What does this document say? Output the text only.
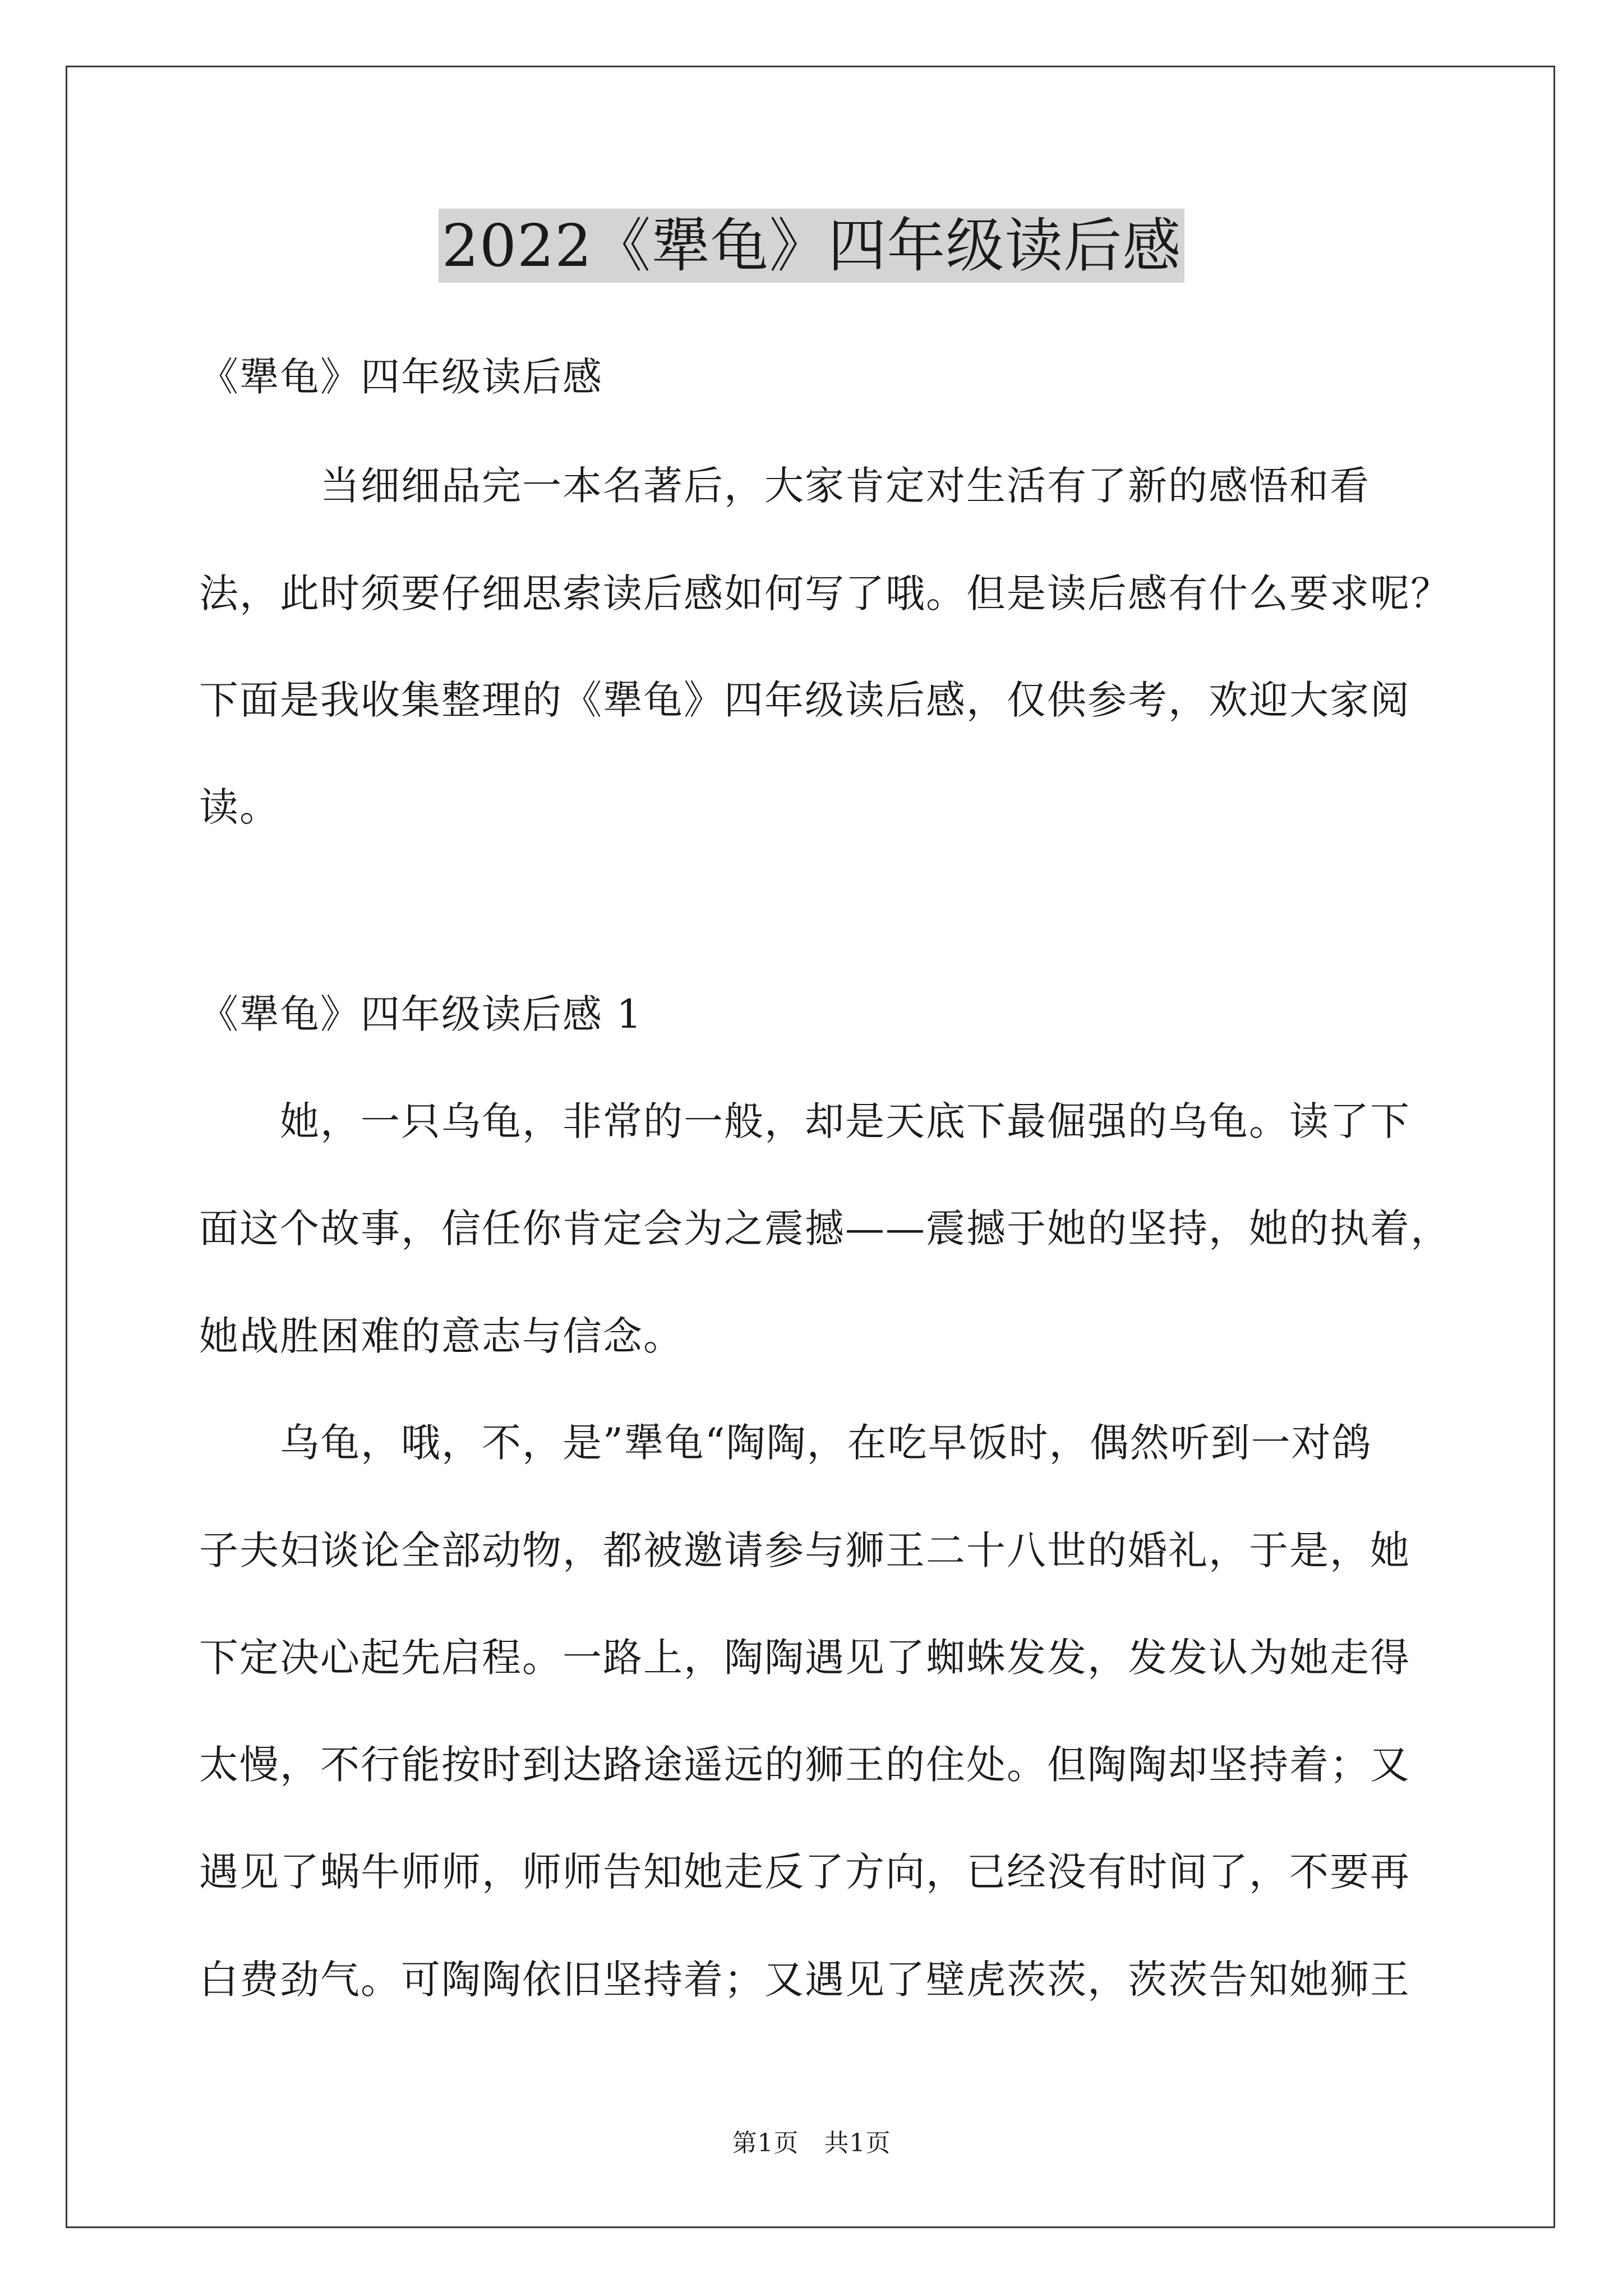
2022《犟龟》四年级读后感
《犟龟》四年级读后感
　　　当细细品完一本名著后，大家肯定对生活有了新的感悟和看
法，此时须要仔细思索读后感如何写了哦。但是读后感有什么要求呢？
下面是我收集整理的《犟龟》四年级读后感，仅供参考，欢迎大家阅
读。
《犟龟》四年级读后感 1
　　她，一只乌龟，非常的一般，却是天底下最倔强的乌龟。读了下
面这个故事，信任你肯定会为之震撼——震撼于她的坚持，她的执着，
她战胜困难的意志与信念。
　　乌龟，哦，不，是”犟龟“陶陶，在吃早饭时，偶然听到一对鸽
子夫妇谈论全部动物，都被邀请参与狮王二十八世的婚礼，于是，她
下定决心起先启程。一路上，陶陶遇见了蜘蛛发发，发发认为她走得
太慢，不行能按时到达路途遥远的狮王的住处。但陶陶却坚持着；又
遇见了蜗牛师师，师师告知她走反了方向，已经没有时间了，不要再
白费劲气。可陶陶依旧坚持着；又遇见了壁虎茨茨，茨茨告知她狮王
第1页　共1页
